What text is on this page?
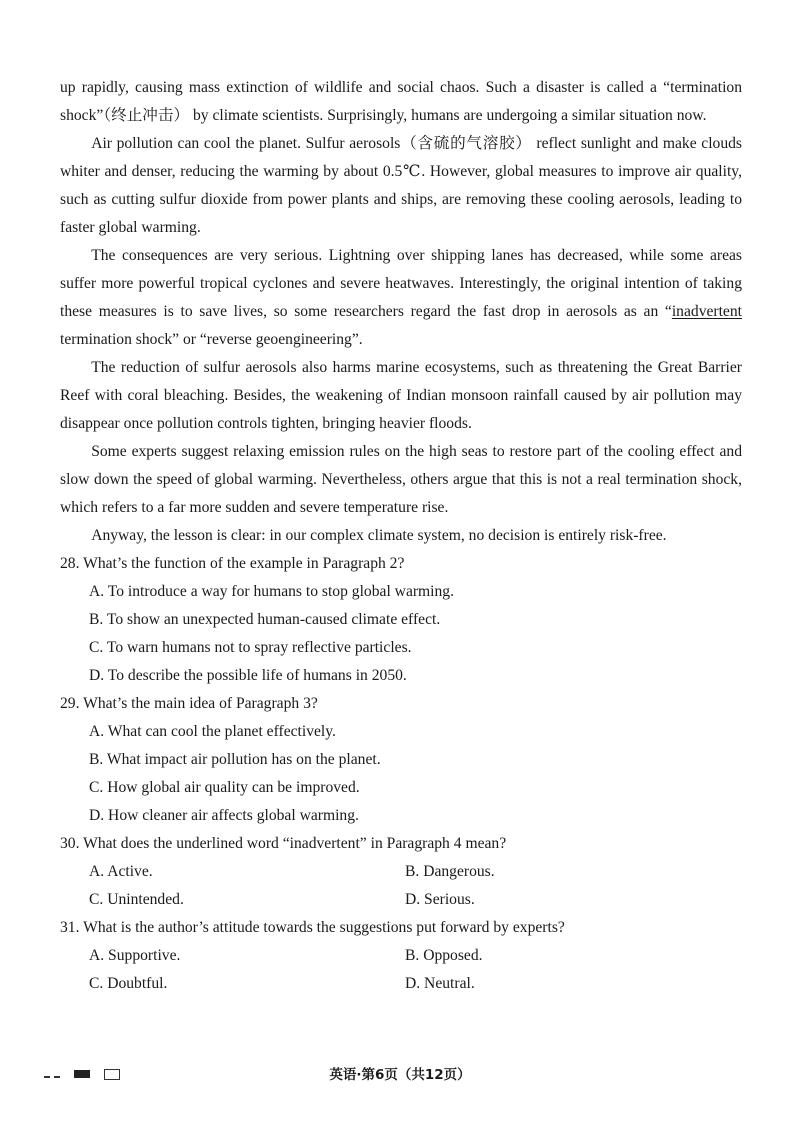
up rapidly, causing mass extinction of wildlife and social chaos. Such a disaster is called a “termination shock”（终止冲击） by climate scientists. Surprisingly, humans are undergoing a similar situation now.

Air pollution can cool the planet. Sulfur aerosols（含硫的气溶胶） reflect sunlight and make clouds whiter and denser, reducing the warming by about 0.5℃. However, global measures to improve air quality, such as cutting sulfur dioxide from power plants and ships, are removing these cooling aerosols, leading to faster global warming.

The consequences are very serious. Lightning over shipping lanes has decreased, while some areas suffer more powerful tropical cyclones and severe heatwaves. Interestingly, the original intention of taking these measures is to save lives, so some researchers regard the fast drop in aerosols as an “inadvertent termination shock” or “reverse geoengineering”.

The reduction of sulfur aerosols also harms marine ecosystems, such as threatening the Great Barrier Reef with coral bleaching. Besides, the weakening of Indian monsoon rainfall caused by air pollution may disappear once pollution controls tighten, bringing heavier floods.

Some experts suggest relaxing emission rules on the high seas to restore part of the cooling effect and slow down the speed of global warming. Nevertheless, others argue that this is not a real termination shock, which refers to a far more sudden and severe temperature rise.

Anyway, the lesson is clear: in our complex climate system, no decision is entirely risk-free.

28. What’s the function of the example in Paragraph 2?

A. To introduce a way for humans to stop global warming.

B. To show an unexpected human-caused climate effect.

C. To warn humans not to spray reflective particles.

D. To describe the possible life of humans in 2050.

29. What’s the main idea of Paragraph 3?

A. What can cool the planet effectively.

B. What impact air pollution has on the planet.

C. How global air quality can be improved.

D. How cleaner air affects global warming.

30. What does the underlined word “inadvertent” in Paragraph 4 mean?

A. Active.	B. Dangerous.

C. Unintended.	D. Serious.

31. What is the author’s attitude towards the suggestions put forward by experts?

A. Supportive.	B. Opposed.

C. Doubtful.	D. Neutral.

英语·第6页（共12页）
